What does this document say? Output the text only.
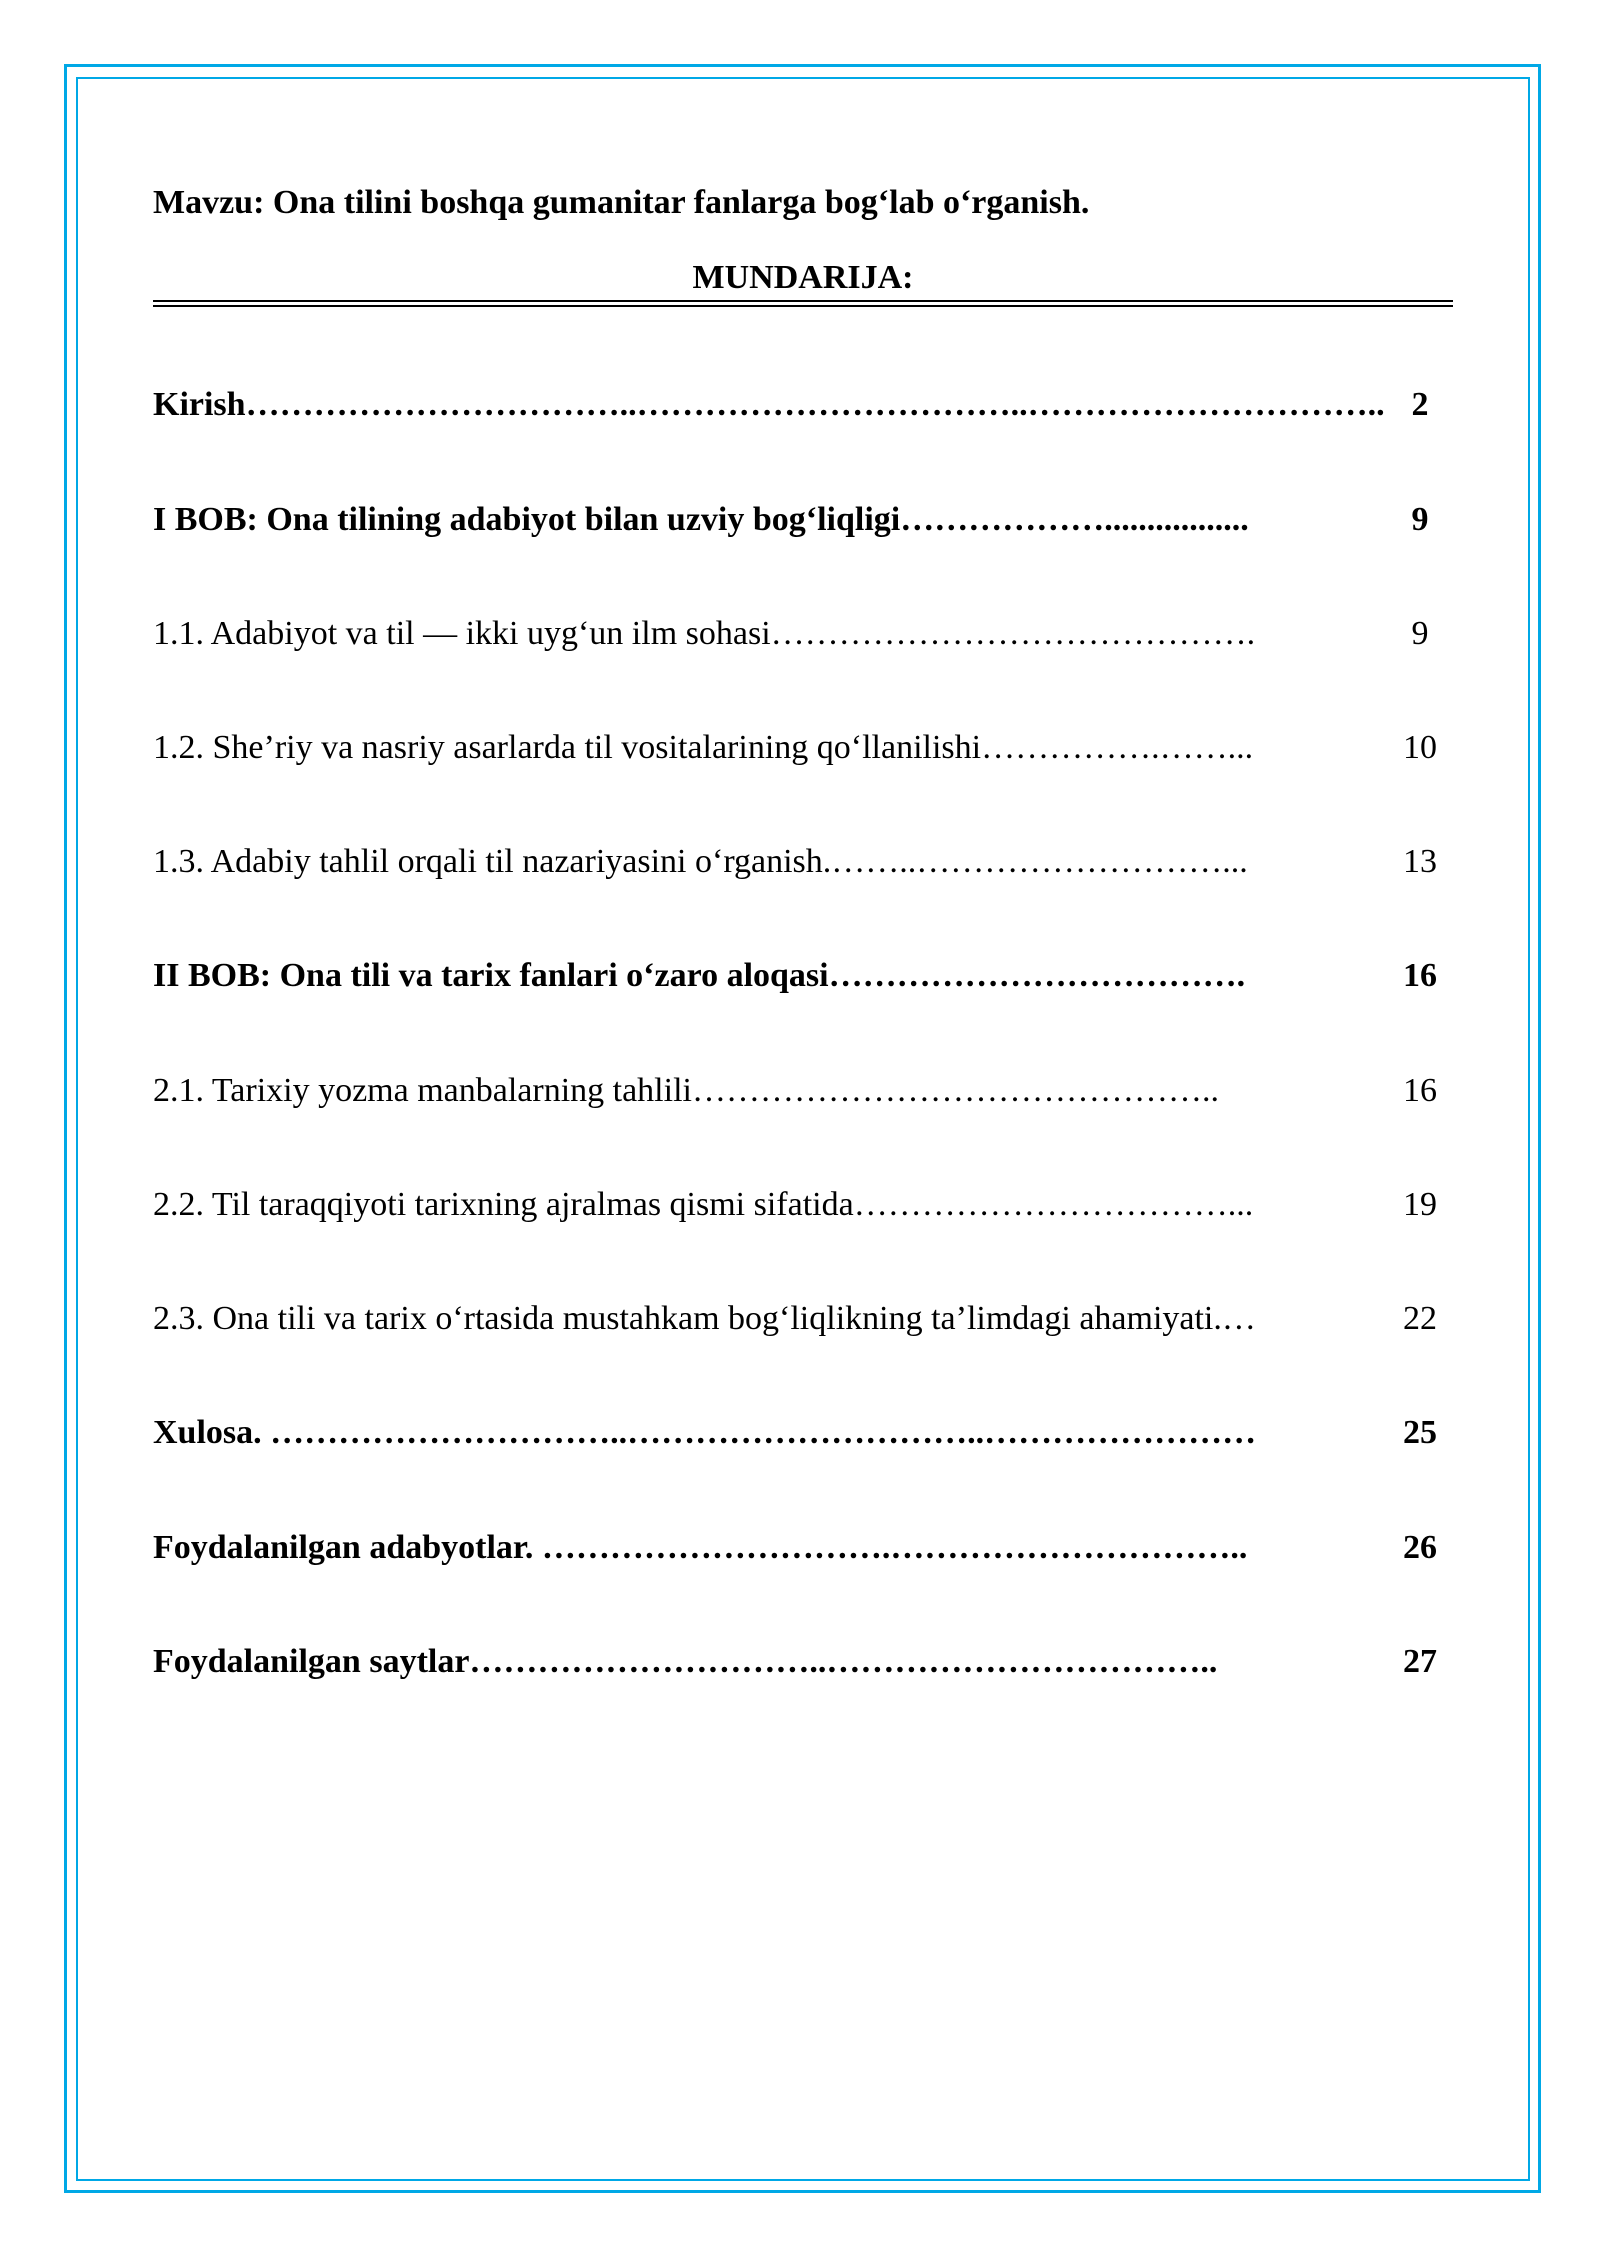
Mavzu: Ona tilini boshqa gumanitar fanlarga bog‘lab o‘rganish.
MUNDARIJA:
Kirish……………………………..……………………………..………………………….. 2
I BOB: Ona tilining adabiyot bilan uzviy bog‘liqligi……………….................	9
1.1. Adabiyot va til — ikki uyg‘un ilm sohasi…………………………………….	9
1.2. She’riy va nasriy asarlarda til vositalarining qo‘llanilishi…………….……...	10
1.3. Adabiy tahlil orqali til nazariyasini o‘rganish.……..………………………...	13
II BOB: Ona tili va tarix fanlari o‘zaro aloqasi……………………………….	16
2.1. Tarixiy yozma manbalarning tahlili………………………………………..	16
2.2. Til taraqqiyoti tarixning ajralmas qismi sifatida……………………………...	19
2.3. Ona tili va tarix o‘rtasida mustahkam bog‘liqlikning ta’limdagi ahamiyati.…	22
Xulosa. …………………………..…………………………..……………………	25
Foydalanilgan adabyotlar. ………………………….…………………………..	26
Foydalanilgan saytlar…………………………..……………………………..	27
